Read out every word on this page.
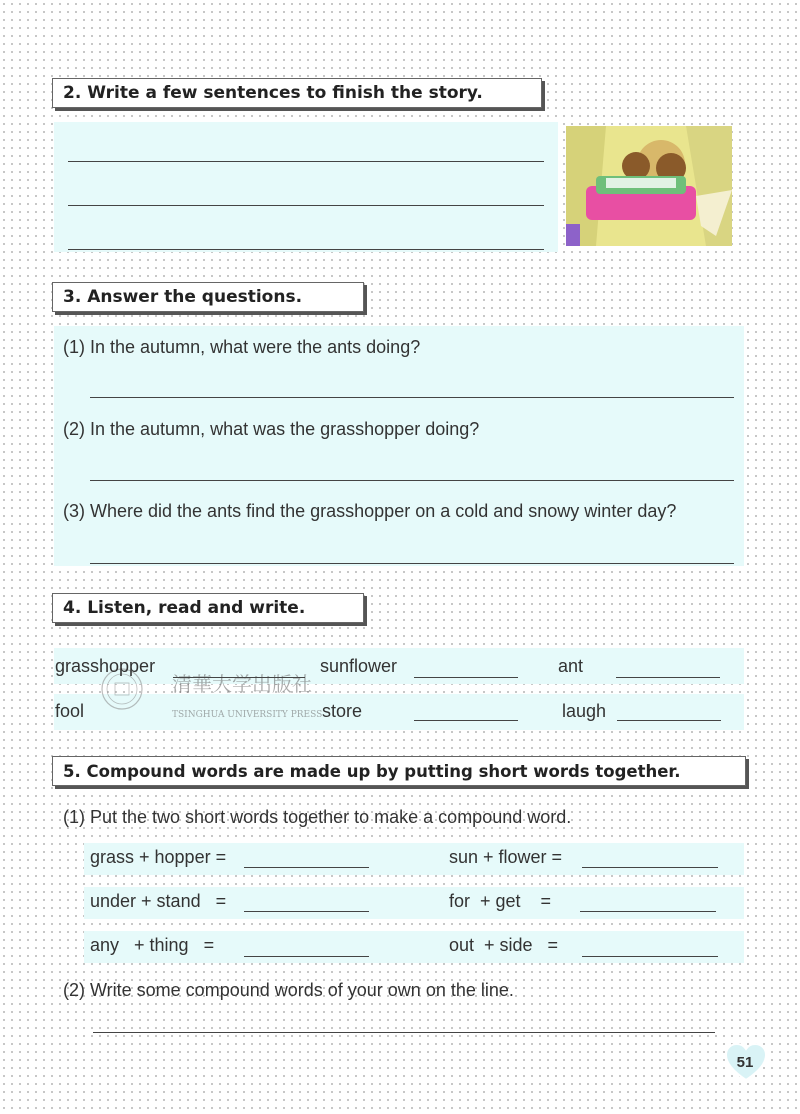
2. Write a few sentences to finish the story.
3. Answer the questions.
(1) In the autumn, what were the ants doing?
(2) In the autumn, what was the grasshopper doing?
(3) Where did the ants find the grasshopper on a cold and snowy winter day?
4. Listen, read and write.
清華大学出版社
TSINGHUA UNIVERSITY PRESS
grasshopper	sunflower	ant
fool	store	laugh
5. Compound words are made up by putting short words together.
(1) Put the two short words together to make a compound word.
grass + hopper =	sun + flower =
under + stand   =	for  + get    =
any   + thing   =	out  + side   =
(2) Write some compound words of your own on the line.
51
